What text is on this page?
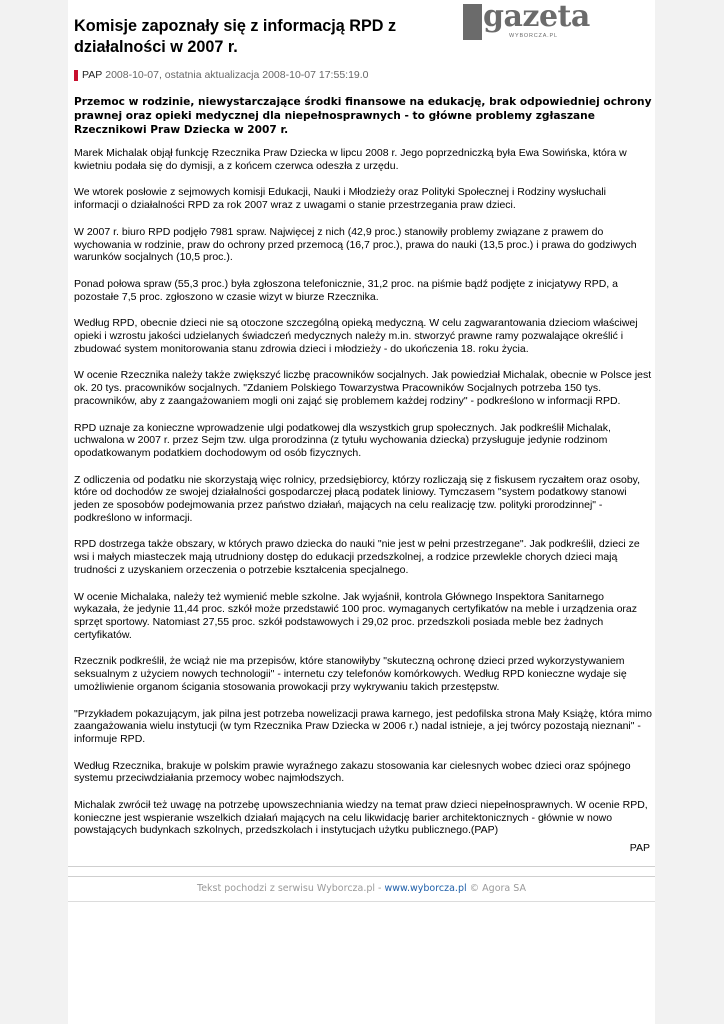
Komisje zapoznały się z informacją RPD z działalności w 2007 r.
gazeta
WYBORCZA.PL
PAP 2008-10-07, ostatnia aktualizacja 2008-10-07 17:55:19.0

Przemoc w rodzinie, niewystarczające środki finansowe na edukację, brak odpowiedniej ochrony prawnej oraz opieki medycznej dla niepełnosprawnych - to główne problemy zgłaszane Rzecznikowi Praw Dziecka w 2007 r.

Marek Michalak objął funkcję Rzecznika Praw Dziecka w lipcu 2008 r. Jego poprzedniczką była Ewa Sowińska, która w kwietniu podała się do dymisji, a z końcem czerwca odeszła z urzędu.

We wtorek posłowie z sejmowych komisji Edukacji, Nauki i Młodzieży oraz Polityki Społecznej i Rodziny wysłuchali informacji o działalności RPD za rok 2007 wraz z uwagami o stanie przestrzegania praw dzieci.

W 2007 r. biuro RPD podjęło 7981 spraw. Najwięcej z nich (42,9 proc.) stanowiły problemy związane z prawem do wychowania w rodzinie, praw do ochrony przed przemocą (16,7 proc.), prawa do nauki (13,5 proc.) i prawa do godziwych warunków socjalnych (10,5 proc.).

Ponad połowa spraw (55,3 proc.) była zgłoszona telefonicznie, 31,2 proc. na piśmie bądź podjęte z inicjatywy RPD, a pozostałe 7,5 proc. zgłoszono w czasie wizyt w biurze Rzecznika.

Według RPD, obecnie dzieci nie są otoczone szczególną opieką medyczną. W celu zagwarantowania dzieciom właściwej opieki i wzrostu jakości udzielanych świadczeń medycznych należy m.in. stworzyć prawne ramy pozwalające określić i zbudować system monitorowania stanu zdrowia dzieci i młodzieży - do ukończenia 18. roku życia.

W ocenie Rzecznika należy także zwiększyć liczbę pracowników socjalnych. Jak powiedział Michalak, obecnie w Polsce jest ok. 20 tys. pracowników socjalnych. "Zdaniem Polskiego Towarzystwa Pracowników Socjalnych potrzeba 150 tys. pracowników, aby z zaangażowaniem mogli oni zająć się problemem każdej rodziny" - podkreślono w informacji RPD.

RPD uznaje za konieczne wprowadzenie ulgi podatkowej dla wszystkich grup społecznych. Jak podkreślił Michalak, uchwalona w 2007 r. przez Sejm tzw. ulga prorodzinna (z tytułu wychowania dziecka) przysługuje jedynie rodzinom opodatkowanym podatkiem dochodowym od osób fizycznych.

Z odliczenia od podatku nie skorzystają więc rolnicy, przedsiębiorcy, którzy rozliczają się z fiskusem ryczałtem oraz osoby, które od dochodów ze swojej działalności gospodarczej płacą podatek liniowy. Tymczasem "system podatkowy stanowi jeden ze sposobów podejmowania przez państwo działań, mających na celu realizację tzw. polityki prorodzinnej" - podkreślono w informacji.

RPD dostrzega także obszary, w których prawo dziecka do nauki "nie jest w pełni przestrzegane". Jak podkreślił, dzieci ze wsi i małych miasteczek mają utrudniony dostęp do edukacji przedszkolnej, a rodzice przewlekle chorych dzieci mają trudności z uzyskaniem orzeczenia o potrzebie kształcenia specjalnego.

W ocenie Michalaka, należy też wymienić meble szkolne. Jak wyjaśnił, kontrola Głównego Inspektora Sanitarnego wykazała, że jedynie 11,44 proc. szkół może przedstawić 100 proc. wymaganych certyfikatów na meble i urządzenia oraz sprzęt sportowy. Natomiast 27,55 proc. szkół podstawowych i 29,02 proc. przedszkoli posiada meble bez żadnych certyfikatów.

Rzecznik podkreślił, że wciąż nie ma przepisów, które stanowiłyby "skuteczną ochronę dzieci przed wykorzystywaniem seksualnym z użyciem nowych technologii" - internetu czy telefonów komórkowych. Według RPD konieczne wydaje się umożliwienie organom ścigania stosowania prowokacji przy wykrywaniu takich przestępstw.

"Przykładem pokazującym, jak pilna jest potrzeba nowelizacji prawa karnego, jest pedofilska strona Mały Książę, która mimo zaangażowania wielu instytucji (w tym Rzecznika Praw Dziecka w 2006 r.) nadal istnieje, a jej twórcy pozostają nieznani" - informuje RPD.

Według Rzecznika, brakuje w polskim prawie wyraźnego zakazu stosowania kar cielesnych wobec dzieci oraz spójnego systemu przeciwdziałania przemocy wobec najmłodszych.

Michalak zwrócił też uwagę na potrzebę upowszechniania wiedzy na temat praw dzieci niepełnosprawnych. W ocenie RPD, konieczne jest wspieranie wszelkich działań mających na celu likwidację barier architektonicznych - głównie w nowo powstających budynkach szkolnych, przedszkolach i instytucjach użytku publicznego.(PAP)

PAP
Tekst pochodzi z serwisu Wyborcza.pl - www.wyborcza.pl © Agora SA
